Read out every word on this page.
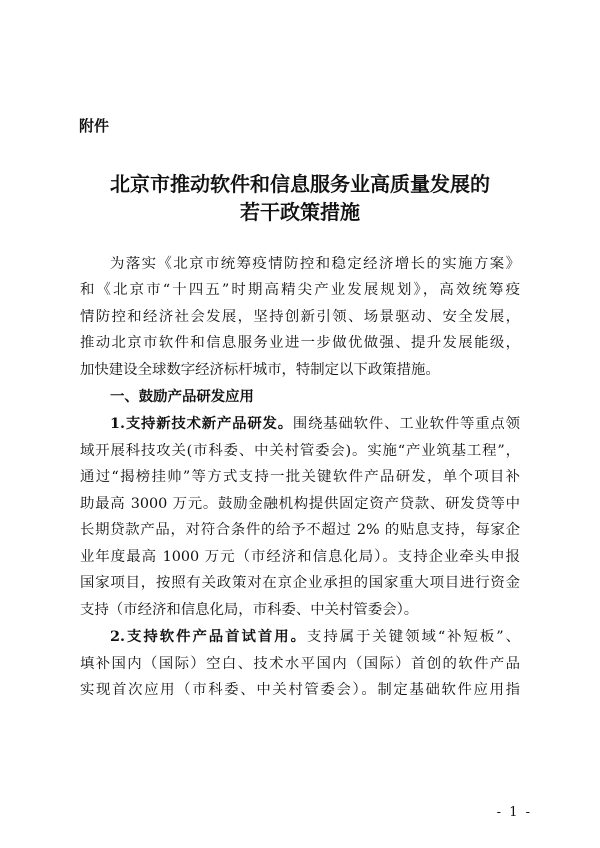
附件
北京市推动软件和信息服务业高质量发展的
若干政策措施
为落实《北京市统筹疫情防控和稳定经济增长的实施方案》
和《北京市“十四五”时期高精尖产业发展规划》，高效统筹疫
情防控和经济社会发展，坚持创新引领、场景驱动、安全发展，
推动北京市软件和信息服务业进一步做优做强、提升发展能级，
加快建设全球数字经济标杆城市，特制定以下政策措施。
一、鼓励产品研发应用
1.支持新技术新产品研发。围绕基础软件、工业软件等重点领
域开展科技攻关(市科委、中关村管委会)。实施“产业筑基工程”，
通过“揭榜挂帅”等方式支持一批关键软件产品研发，单个项目补
助最高 3000 万元。鼓励金融机构提供固定资产贷款、研发贷等中
长期贷款产品，对符合条件的给予不超过 2% 的贴息支持，每家企
业年度最高 1000 万元（市经济和信息化局）。支持企业牵头申报
国家项目，按照有关政策对在京企业承担的国家重大项目进行资金
支持（市经济和信息化局，市科委、中关村管委会）。
2.支持软件产品首试首用。支持属于关键领域“补短板”、
填补国内（国际）空白、技术水平国内（国际）首创的软件产品
实现首次应用（市科委、中关村管委会）。制定基础软件应用指
- 1 -
